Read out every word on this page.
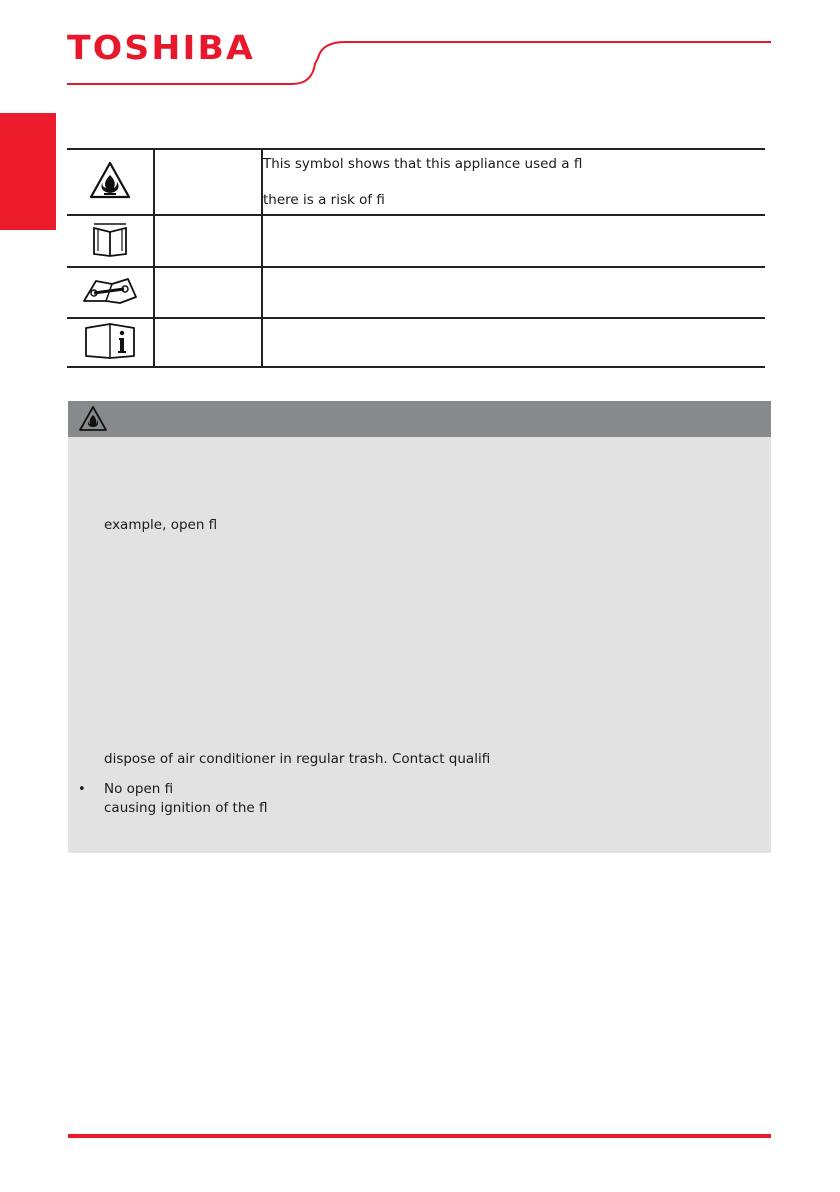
TOSHIBA

This symbol shows that this appliance used a fl
there is a risk of fi

example, open fl
dispose of air conditioner in regular trash. Contact qualifi
• No open fi
causing ignition of the fl
